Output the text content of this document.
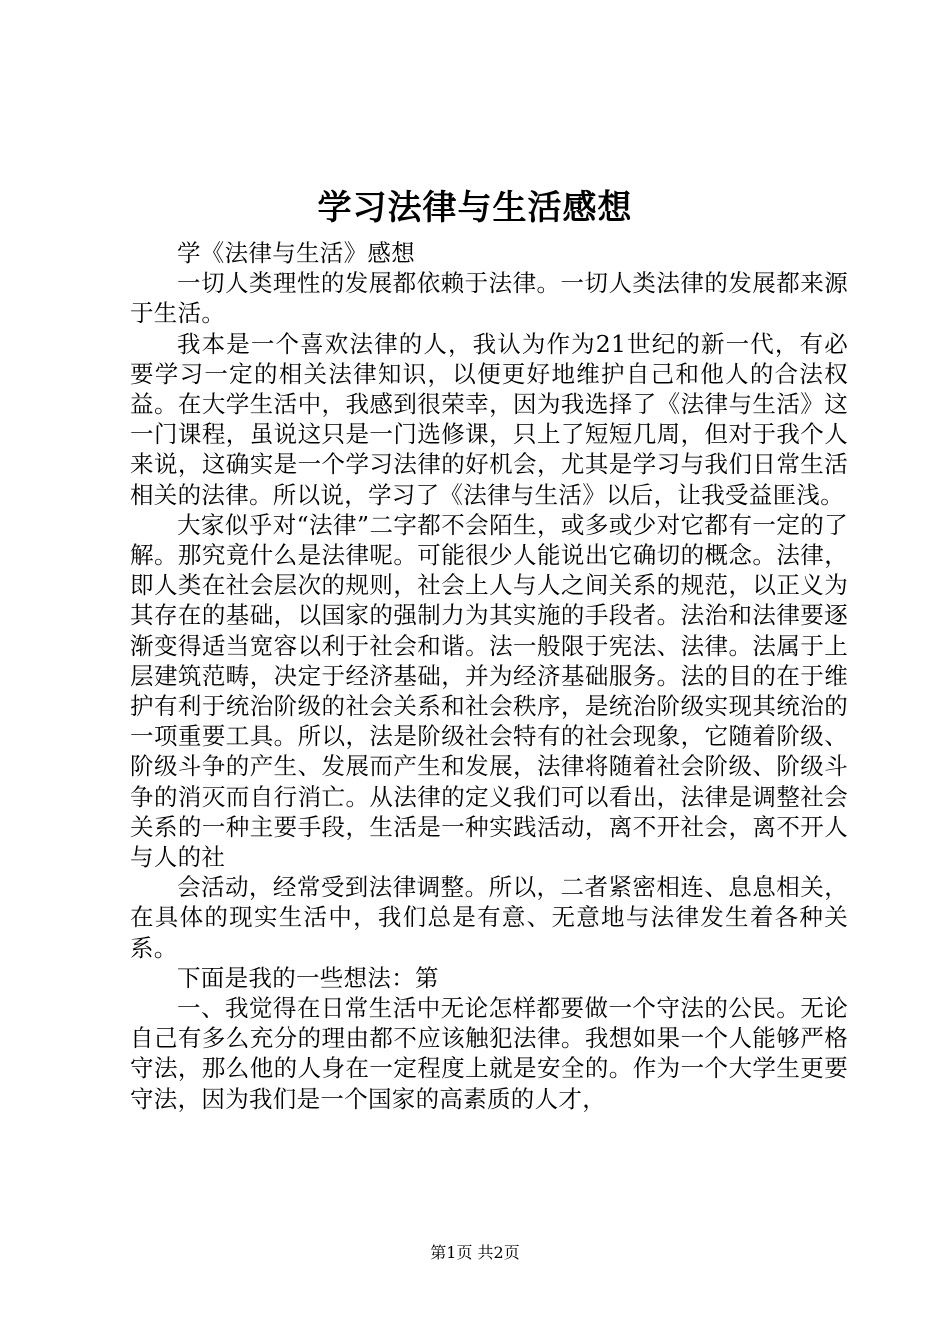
学习法律与生活感想

学《法律与生活》感想

一切人类理性的发展都依赖于法律。一切人类法律的发展都来源于生活。

我本是一个喜欢法律的人，我认为作为21世纪的新一代，有必要学习一定的相关法律知识，以便更好地维护自己和他人的合法权益。在大学生活中，我感到很荣幸，因为我选择了《法律与生活》这一门课程，虽说这只是一门选修课，只上了短短几周，但对于我个人来说，这确实是一个学习法律的好机会，尤其是学习与我们日常生活相关的法律。所以说，学习了《法律与生活》以后，让我受益匪浅。

大家似乎对“法律”二字都不会陌生，或多或少对它都有一定的了解。那究竟什么是法律呢。可能很少人能说出它确切的概念。法律，即人类在社会层次的规则，社会上人与人之间关系的规范，以正义为其存在的基础，以国家的强制力为其实施的手段者。法治和法律要逐渐变得适当宽容以利于社会和谐。法一般限于宪法、法律。法属于上层建筑范畴，决定于经济基础，并为经济基础服务。法的目的在于维护有利于统治阶级的社会关系和社会秩序，是统治阶级实现其统治的一项重要工具。所以，法是阶级社会特有的社会现象，它随着阶级、阶级斗争的产生、发展而产生和发展，法律将随着社会阶级、阶级斗争的消灭而自行消亡。从法律的定义我们可以看出，法律是调整社会关系的一种主要手段，生活是一种实践活动，离不开社会，离不开人与人的社

会活动，经常受到法律调整。所以，二者紧密相连、息息相关，在具体的现实生活中，我们总是有意、无意地与法律发生着各种关系。

下面是我的一些想法：第

一、我觉得在日常生活中无论怎样都要做一个守法的公民。无论自己有多么充分的理由都不应该触犯法律。我想如果一个人能够严格守法，那么他的人身在一定程度上就是安全的。作为一个大学生更要守法，因为我们是一个国家的高素质的人才，

第1页 共2页
